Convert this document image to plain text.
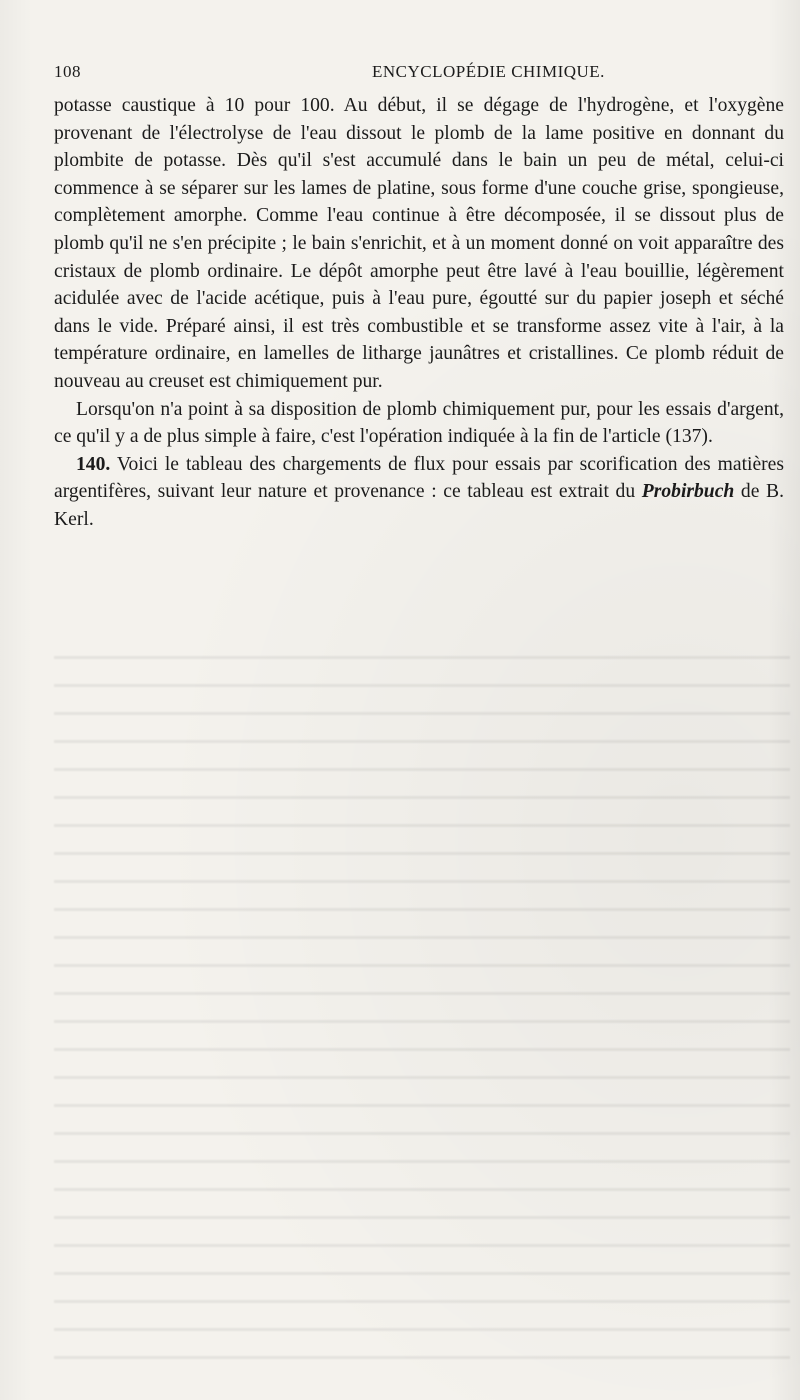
108	ENCYCLOPÉDIE CHIMIQUE.

potasse caustique à 10 pour 100. Au début, il se dégage de l'hydrogène, et l'oxygène provenant de l'électrolyse de l'eau dissout le plomb de la lame positive en donnant du plombite de potasse. Dès qu'il s'est accumulé dans le bain un peu de métal, celui-ci commence à se séparer sur les lames de platine, sous forme d'une couche grise, spongieuse, complètement amorphe. Comme l'eau continue à être décomposée, il se dissout plus de plomb qu'il ne s'en précipite ; le bain s'enrichit, et à un moment donné on voit apparaître des cristaux de plomb ordinaire. Le dépôt amorphe peut être lavé à l'eau bouillie, légèrement acidulée avec de l'acide acétique, puis à l'eau pure, égoutté sur du papier joseph et séché dans le vide. Préparé ainsi, il est très combustible et se transforme assez vite à l'air, à la température ordinaire, en lamelles de litharge jaunâtres et cristallines. Ce plomb réduit de nouveau au creuset est chimiquement pur.

Lorsqu'on n'a point à sa disposition de plomb chimiquement pur, pour les essais d'argent, ce qu'il y a de plus simple à faire, c'est l'opération indiquée à la fin de l'article (137).

140. Voici le tableau des chargements de flux pour essais par scorification des matières argentifères, suivant leur nature et provenance : ce tableau est extrait du Probirbuch de B. Kerl.
